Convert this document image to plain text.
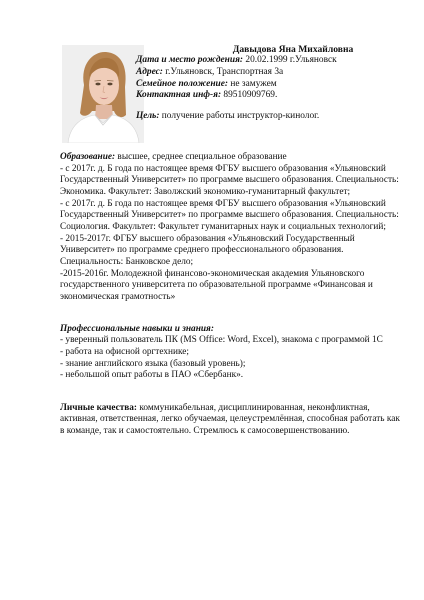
Давыдова Яна Михайловна
Дата и место рождения: 20.02.1999 г.Ульяновск
Адрес: г.Ульяновск, Транспортная 3а
Семейное положение: не замужем
Контактная инф-я: 89510909769.
Цель: получение работы инструктор-кинолог.

Образование: высшее, среднее специальное образование

- с 2017г. д. Б года по настоящее время ФГБУ высшего образования «Ульяновский Государственный Университет» по программе высшего образования. Специальность: Экономика. Факультет: Заволжский экономико-гуманитарный факультет;

- с 2017г. д. Б года по настоящее время ФГБУ высшего образования «Ульяновский Государственный Университет» по программе высшего образования. Специальность: Социология. Факультет: Факультет гуманитарных наук и социальных технологий;

- 2015-2017г. ФГБУ высшего образования «Ульяновский Государственный Университет» по программе среднего профессионального образования. Специальность: Банковское дело;

-2015-2016г. Молодежной финансово-экономическая академия Ульяновского государственного университета по образовательной программе «Финансовая и экономическая грамотность»

Профессиональные навыки и знания:

- уверенный пользователь ПК (MS Office: Word, Excel), знакома с программой 1С

- работа на офисной оргтехнике;

- знание английского языка (базовый уровень);

- небольшой опыт работы в ПАО «Сбербанк».

Личные качества: коммуникабельная, дисциплинированная, неконфликтная, активная, ответственная, легко обучаемая, целеустремлённая, способная работать как в команде, так и самостоятельно. Стремлюсь к самосовершенствованию.
